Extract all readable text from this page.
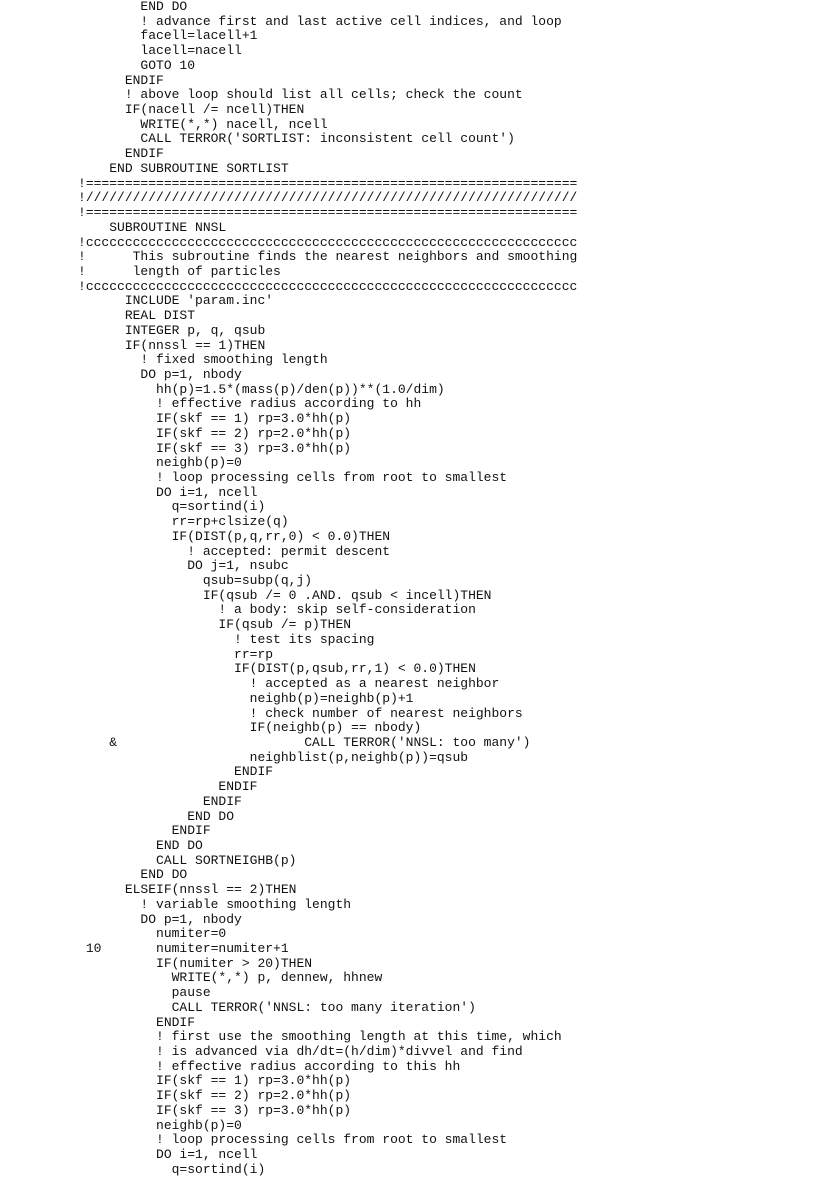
END DO
! advance first and last active cell indices, and loop
facell=lacell+1
lacell=nacell
GOTO 10
ENDIF
! above loop should list all cells; check the count
IF(nacell /= ncell)THEN
WRITE(*,*) nacell, ncell
CALL TERROR('SORTLIST: inconsistent cell count')
ENDIF
END SUBROUTINE SORTLIST
!===============================================================
!///////////////////////////////////////////////////////////////
!===============================================================
SUBROUTINE NNSL
!ccccccccccccccccccccccccccccccccccccccccccccccccccccccccccccccc
!      This subroutine finds the nearest neighbors and smoothing
!      length of particles
!ccccccccccccccccccccccccccccccccccccccccccccccccccccccccccccccc
INCLUDE 'param.inc'
REAL DIST
INTEGER p, q, qsub
IF(nnssl == 1)THEN
! fixed smoothing length
DO p=1, nbody
hh(p)=1.5*(mass(p)/den(p))**(1.0/dim)
! effective radius according to hh
IF(skf == 1) rp=3.0*hh(p)
IF(skf == 2) rp=2.0*hh(p)
IF(skf == 3) rp=3.0*hh(p)
neighb(p)=0
! loop processing cells from root to smallest
DO i=1, ncell
q=sortind(i)
rr=rp+clsize(q)
IF(DIST(p,q,rr,0) < 0.0)THEN
! accepted: permit descent
DO j=1, nsubc
qsub=subp(q,j)
IF(qsub /= 0 .AND. qsub < incell)THEN
! a body: skip self-consideration
IF(qsub /= p)THEN
! test its spacing
rr=rp
IF(DIST(p,qsub,rr,1) < 0.0)THEN
! accepted as a nearest neighbor
neighb(p)=neighb(p)+1
! check number of nearest neighbors
IF(neighb(p) == nbody)
&                        CALL TERROR('NNSL: too many')
neighblist(p,neighb(p))=qsub
ENDIF
ENDIF
ENDIF
END DO
ENDIF
END DO
CALL SORTNEIGHB(p)
END DO
ELSEIF(nnssl == 2)THEN
! variable smoothing length
DO p=1, nbody
numiter=0
10       numiter=numiter+1
IF(numiter > 20)THEN
WRITE(*,*) p, dennew, hhnew
pause
CALL TERROR('NNSL: too many iteration')
ENDIF
! first use the smoothing length at this time, which
! is advanced via dh/dt=(h/dim)*divvel and find
! effective radius according to this hh
IF(skf == 1) rp=3.0*hh(p)
IF(skf == 2) rp=2.0*hh(p)
IF(skf == 3) rp=3.0*hh(p)
neighb(p)=0
! loop processing cells from root to smallest
DO i=1, ncell
q=sortind(i)
